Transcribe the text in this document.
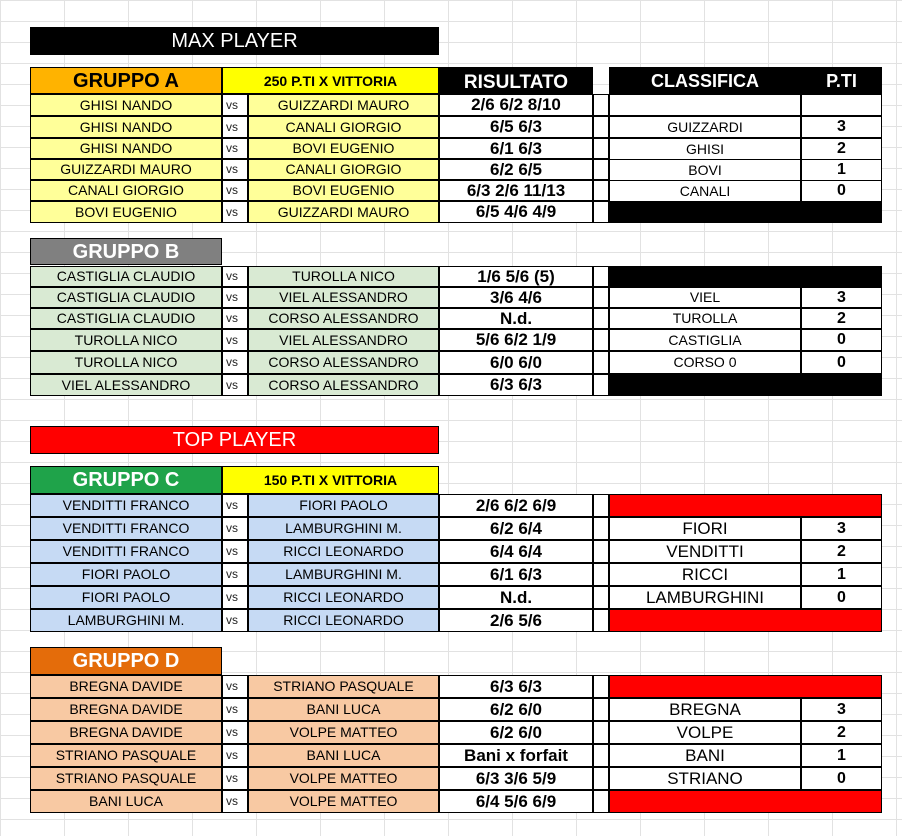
MAX PLAYER
GRUPPO A	250 P.TI X VITTORIA	RISULTATO	CLASSIFICA	P.TI
GHISI NANDO	vs	GUIZZARDI MAURO	2/6 6/2 8/10
GHISI NANDO	vs	CANALI GIORGIO	6/5 6/3
GHISI NANDO	vs	BOVI EUGENIO	6/1 6/3
GUIZZARDI MAURO	vs	CANALI GIORGIO	6/2 6/5
CANALI GIORGIO	vs	BOVI EUGENIO	6/3 2/6 11/13
BOVI EUGENIO	vs	GUIZZARDI MAURO	6/5 4/6 4/9
GUIZZARDI	3
GHISI	2
BOVI	1
CANALI	0
GRUPPO B
CASTIGLIA CLAUDIO	vs	TUROLLA NICO	1/6 5/6 (5)
CASTIGLIA CLAUDIO	vs	VIEL ALESSANDRO	3/6 4/6
CASTIGLIA CLAUDIO	vs	CORSO ALESSANDRO	N.d.
TUROLLA NICO	vs	VIEL ALESSANDRO	5/6 6/2 1/9
TUROLLA NICO	vs	CORSO ALESSANDRO	6/0 6/0
VIEL ALESSANDRO	vs	CORSO ALESSANDRO	6/3 6/3
VIEL	3
TUROLLA	2
CASTIGLIA	0
CORSO 0	0
TOP PLAYER
GRUPPO C	150 P.TI X VITTORIA
VENDITTI FRANCO	vs	FIORI PAOLO	2/6 6/2 6/9
VENDITTI FRANCO	vs	LAMBURGHINI M.	6/2 6/4
VENDITTI FRANCO	vs	RICCI LEONARDO	6/4 6/4
FIORI PAOLO	vs	LAMBURGHINI M.	6/1 6/3
FIORI PAOLO	vs	RICCI LEONARDO	N.d.
LAMBURGHINI M.	vs	RICCI LEONARDO	2/6 5/6
FIORI	3
VENDITTI	2
RICCI	1
LAMBURGHINI	0
GRUPPO D
BREGNA DAVIDE	vs	STRIANO PASQUALE	6/3 6/3
BREGNA DAVIDE	vs	BANI LUCA	6/2 6/0
BREGNA DAVIDE	vs	VOLPE MATTEO	6/2 6/0
STRIANO PASQUALE	vs	BANI LUCA	Bani x forfait
STRIANO PASQUALE	vs	VOLPE MATTEO	6/3 3/6 5/9
BANI LUCA	vs	VOLPE MATTEO	6/4 5/6 6/9
BREGNA	3
VOLPE	2
BANI	1
STRIANO	0
